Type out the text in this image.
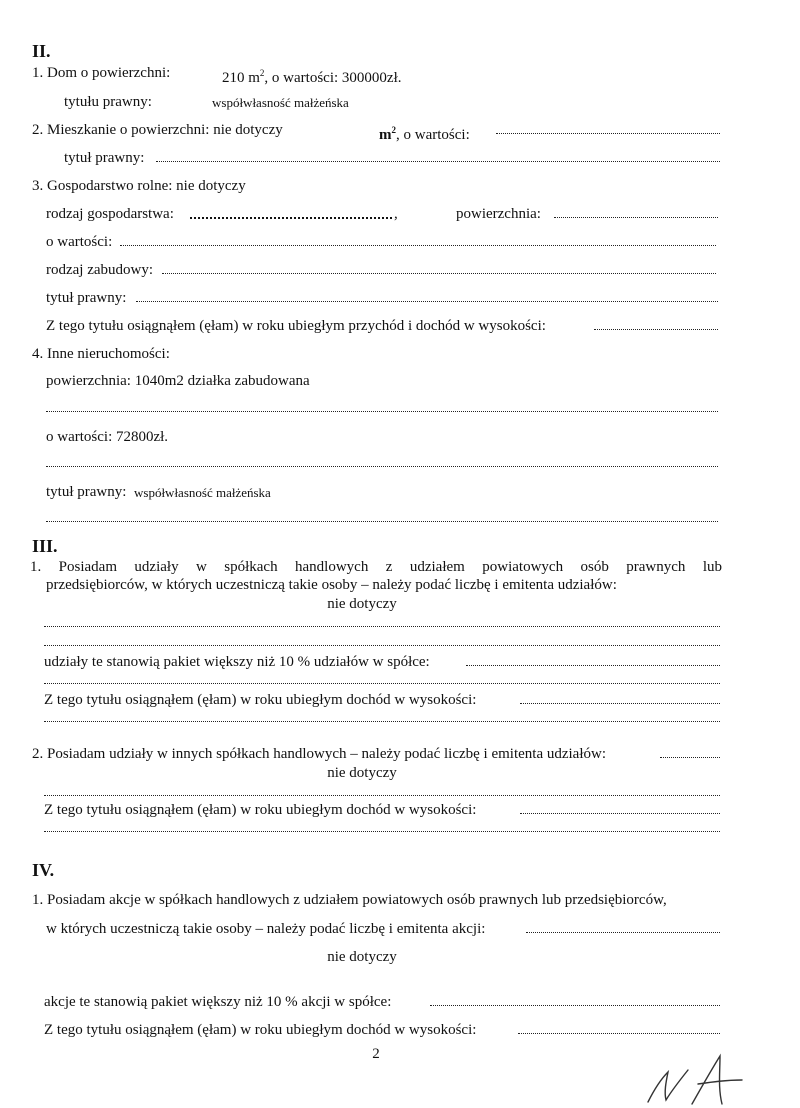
II.
1. Dom o powierzchni:	210 $m^2$, o wartości: 300000zł.
tytułu prawny:	współwłasność małżeńska
2. Mieszkanie o powierzchni: nie dotyczy	$m^2$, o wartości:
tytuł prawny:
3. Gospodarstwo rolne: nie dotyczy
rodzaj gospodarstwa:	,	powierzchnia:
o wartości:
rodzaj zabudowy:
tytuł prawny:
Z tego tytułu osiągnąłem (ęłam) w roku ubiegłym przychód i dochód w wysokości:
4. Inne nieruchomości:
powierzchnia: 1040m2 działka zabudowana
o wartości: 72800zł.
tytuł prawny: współwłasność małżeńska
III.
1. Posiadam udziały w spółkach handlowych z udziałem powiatowych osób prawnych lub
przedsiębiorców, w których uczestniczą takie osoby – należy podać liczbę i emitenta udziałów:
nie dotyczy
udziały te stanowią pakiet większy niż 10 % udziałów w spółce:
Z tego tytułu osiągnąłem (ęłam) w roku ubiegłym dochód w wysokości:
2. Posiadam udziały w innych spółkach handlowych – należy podać liczbę i emitenta udziałów:
nie dotyczy
Z tego tytułu osiągnąłem (ęłam) w roku ubiegłym dochód w wysokości:
IV.
1. Posiadam akcje w spółkach handlowych z udziałem powiatowych osób prawnych lub przedsiębiorców,
w których uczestniczą takie osoby – należy podać liczbę i emitenta akcji:
nie dotyczy
akcje te stanowią pakiet większy niż 10 % akcji w spółce:
Z tego tytułu osiągnąłem (ęłam) w roku ubiegłym dochód w wysokości:
2
